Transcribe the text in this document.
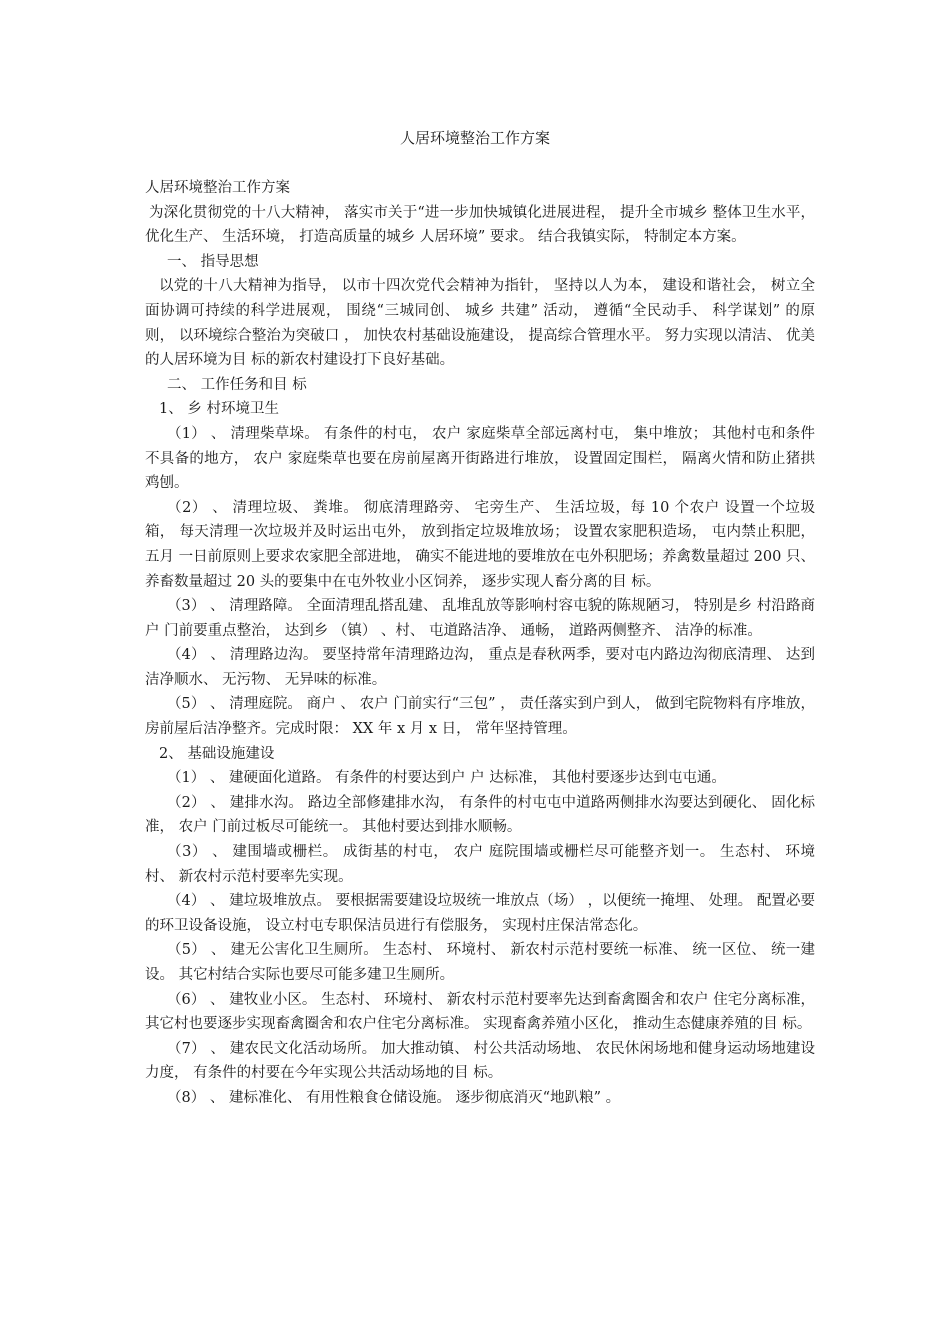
人居环境整治工作方案

人居环境整治工作方案

为深化贯彻党的十八大精神， 落实市关于“进一步加快城镇化进展进程， 提升全市城乡 整体卫生水平， 优化生产、 生活环境， 打造高质量的城乡 人居环境” 要求。 结合我镇实际， 特制定本方案。

一、 指导思想

以党的十八大精神为指导， 以市十四次党代会精神为指针， 坚持以人为本， 建设和谐社会， 树立全面协调可持续的科学进展观， 围绕“三城同创、 城乡 共建” 活动， 遵循“全民动手、 科学谋划” 的原则， 以环境综合整治为突破口 ， 加快农村基础设施建设， 提高综合管理水平。 努力实现以清洁、 优美的人居环境为目 标的新农村建设打下良好基础。

二、 工作任务和目 标

1、 乡 村环境卫生

（1） 、 清理柴草垛。 有条件的村屯， 农户 家庭柴草全部远离村屯， 集中堆放； 其他村屯和条件不具备的地方， 农户 家庭柴草也要在房前屋离开街路进行堆放， 设置固定围栏， 隔离火情和防止猪拱鸡刨。

（2） 、 清理垃圾、 粪堆。 彻底清理路旁、 宅旁生产、 生活垃圾，每 10 个农户 设置一个垃圾箱， 每天清理一次垃圾并及时运出屯外， 放到指定垃圾堆放场； 设置农家肥积造场， 屯内禁止积肥， 五月 一日前原则上要求农家肥全部进地， 确实不能进地的要堆放在屯外积肥场；养禽数量超过 200 只、 养畜数量超过 20 头的要集中在屯外牧业小区饲养， 逐步实现人畜分离的目 标。

（3） 、 清理路障。 全面清理乱搭乱建、 乱堆乱放等影响村容屯貌的陈规陋习， 特别是乡 村沿路商户 门前要重点整治， 达到乡 （镇） 、村、 屯道路洁净、 通畅， 道路两侧整齐、 洁净的标准。

（4） 、 清理路边沟。 要坚持常年清理路边沟， 重点是春秋两季，要对屯内路边沟彻底清理、 达到洁净顺水、 无污物、 无异味的标准。

（5） 、 清理庭院。 商户 、 农户 门前实行“三包” ， 责任落实到户到人， 做到宅院物料有序堆放， 房前屋后洁净整齐。完成时限： XX 年 x 月 x 日， 常年坚持管理。

2、 基础设施建设

（1） 、 建硬面化道路。 有条件的村要达到户 户 达标准， 其他村要逐步达到屯屯通。

（2） 、 建排水沟。 路边全部修建排水沟， 有条件的村屯屯中道路两侧排水沟要达到硬化、 固化标准， 农户 门前过板尽可能统一。 其他村要达到排水顺畅。

（3） 、 建围墙或栅栏。 成街基的村屯， 农户 庭院围墙或栅栏尽可能整齐划一。 生态村、 环境村、 新农村示范村要率先实现。

（4） 、 建垃圾堆放点。 要根据需要建设垃圾统一堆放点（场） ，以便统一掩埋、 处理。 配置必要的环卫设备设施， 设立村屯专职保洁员进行有偿服务， 实现村庄保洁常态化。

（5） 、 建无公害化卫生厕所。 生态村、 环境村、 新农村示范村要统一标准、 统一区位、 统一建设。 其它村结合实际也要尽可能多建卫生厕所。

（6） 、 建牧业小区。 生态村、 环境村、 新农村示范村要率先达到畜禽圈舍和农户 住宅分离标准， 其它村也要逐步实现畜禽圈舍和农户住宅分离标准。 实现畜禽养殖小区化， 推动生态健康养殖的目 标。

（7） 、 建农民文化活动场所。 加大推动镇、 村公共活动场地、 农民休闲场地和健身运动场地建设力度， 有条件的村要在今年实现公共活动场地的目 标。

（8） 、 建标准化、 有用性粮食仓储设施。 逐步彻底消灭“地趴粮” 。
